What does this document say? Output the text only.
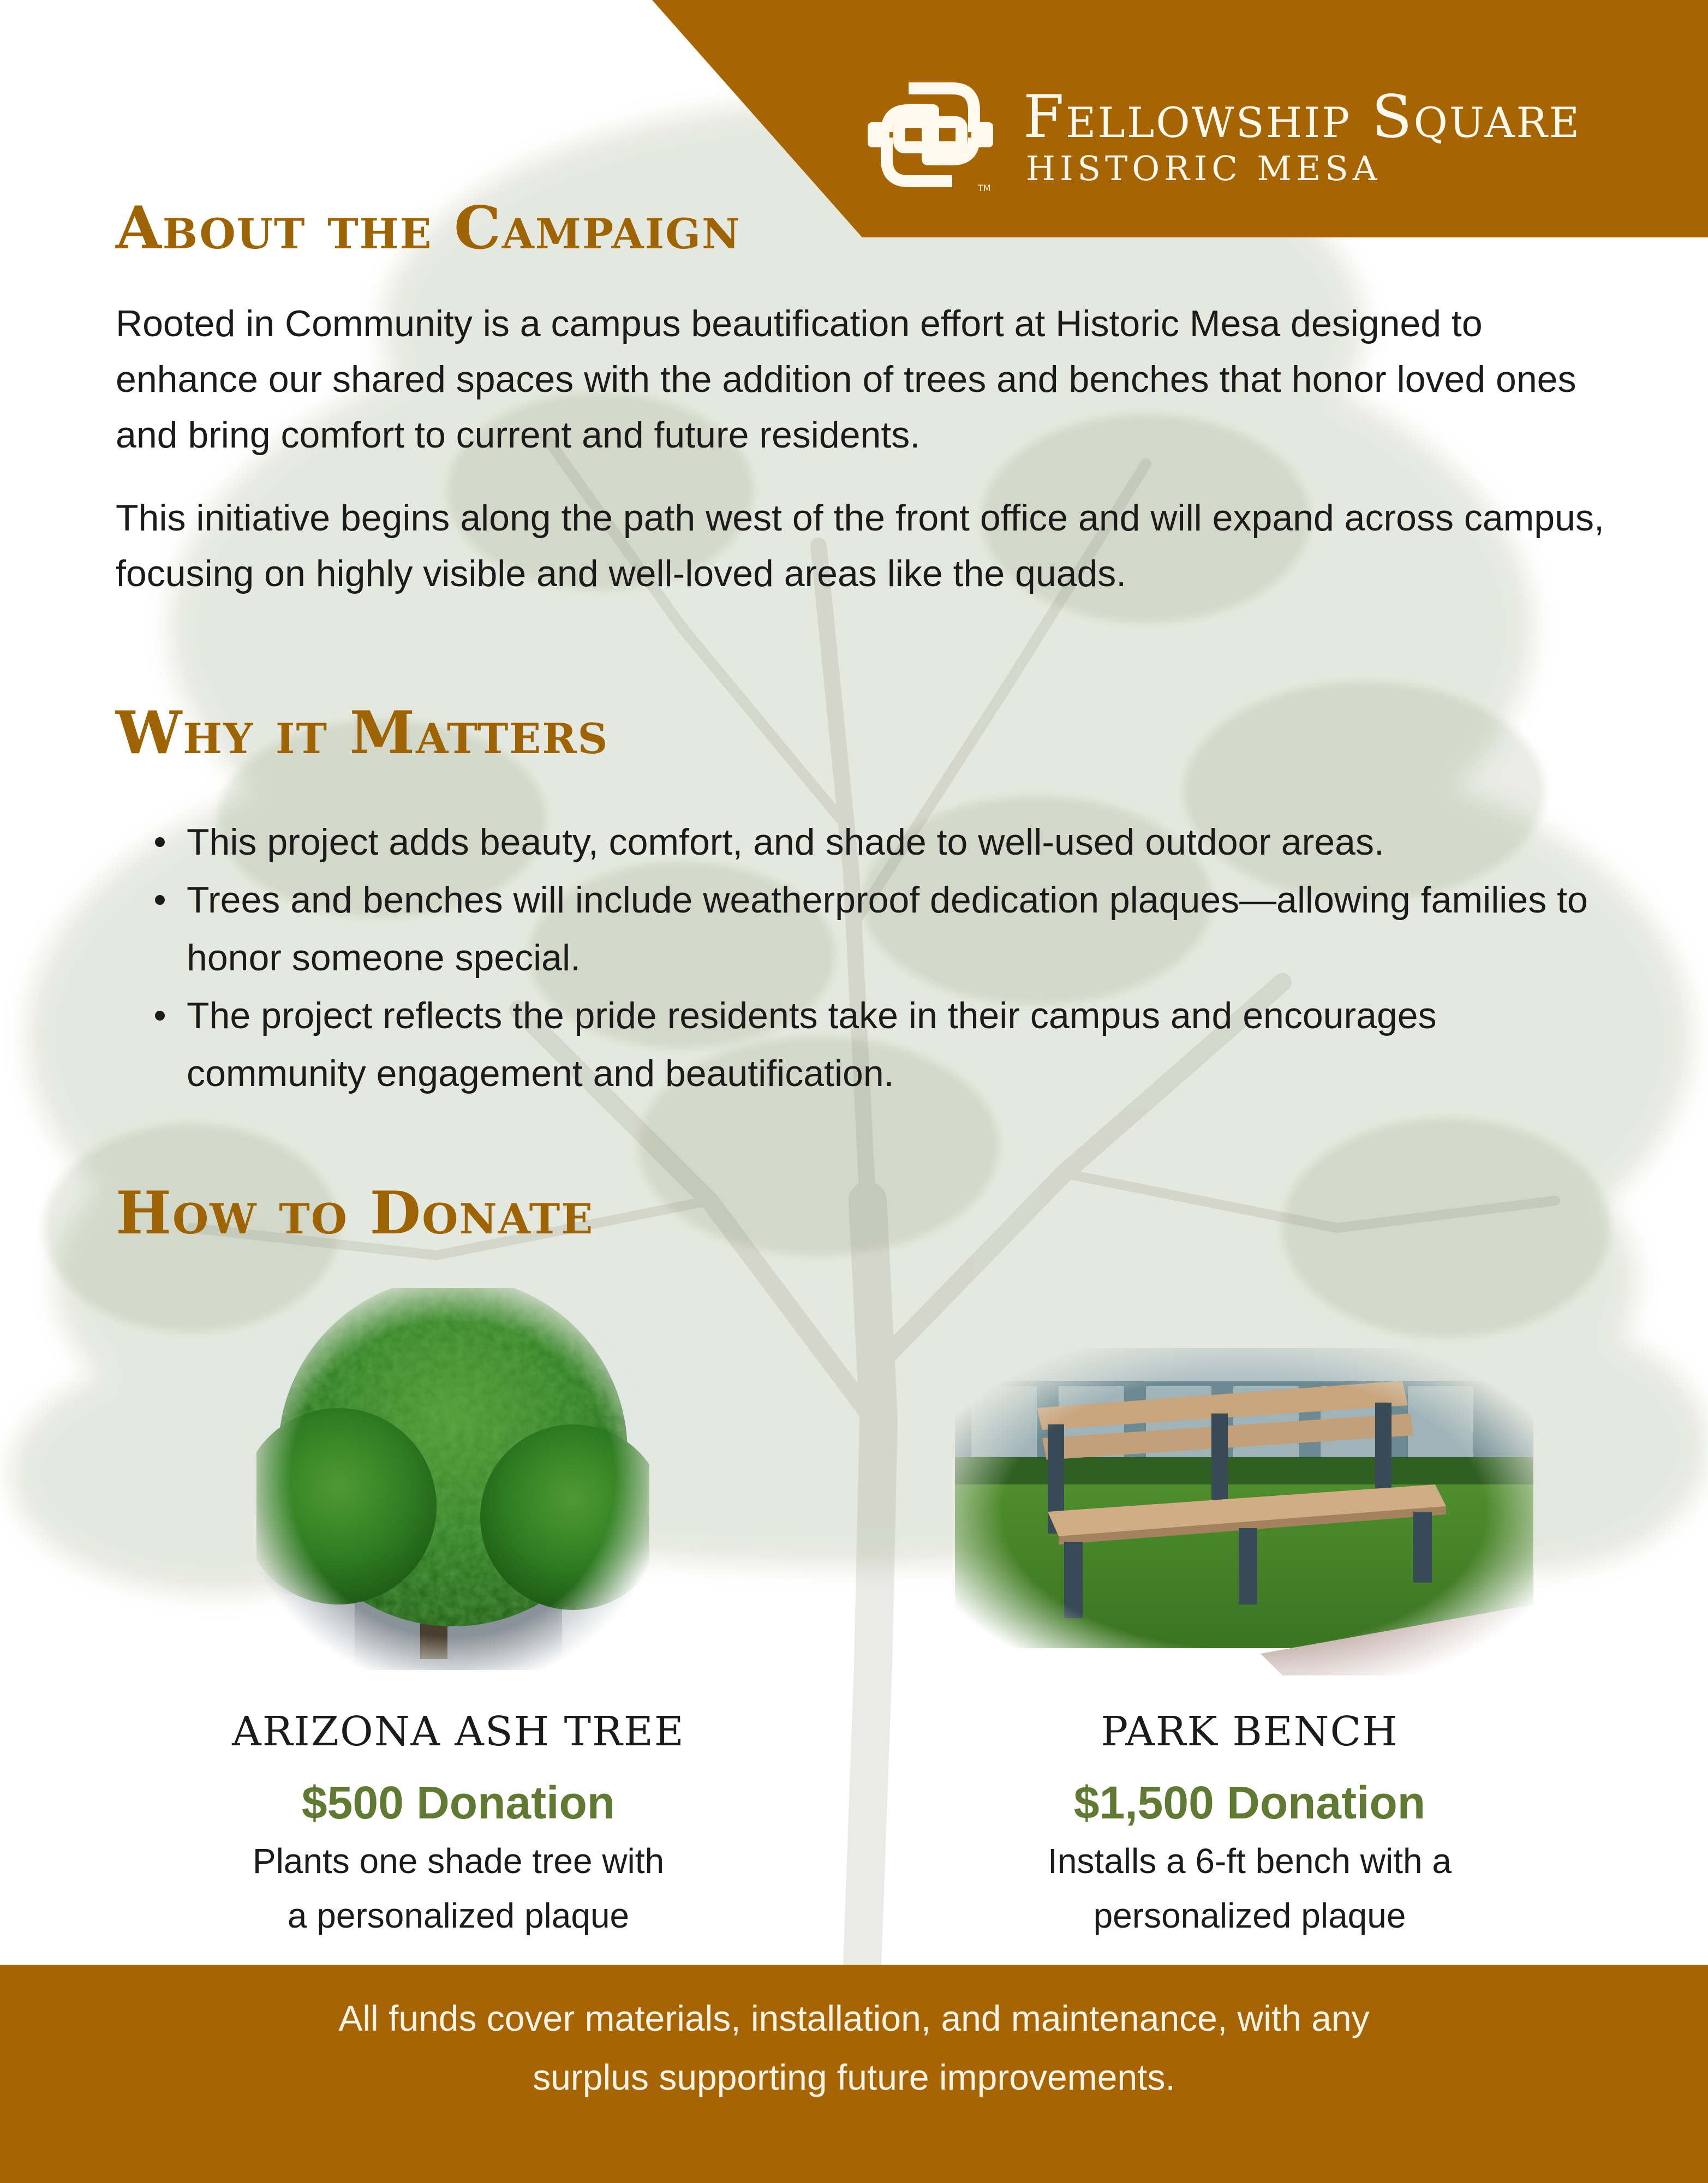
TM
Fellowship Square
HISTORIC MESA
About the Campaign
Rooted in Community is a campus beautification effort at Historic Mesa designed to enhance our shared spaces with the addition of trees and benches that honor loved ones and bring comfort to current and future residents.
This initiative begins along the path west of the front office and will expand across campus, focusing on highly visible and well-loved areas like the quads.
Why it Matters
This project adds beauty, comfort, and shade to well-used outdoor areas.
Trees and benches will include weatherproof dedication plaques—allowing families to honor someone special.
The project reflects the pride residents take in their campus and encourages community engagement and beautification.
How to Donate
ARIZONA ASH TREE
$500 Donation
Plants one shade tree with a personalized plaque
PARK BENCH
$1,500 Donation
Installs a 6-ft bench with a personalized plaque
All funds cover materials, installation, and maintenance, with any surplus supporting future improvements.
